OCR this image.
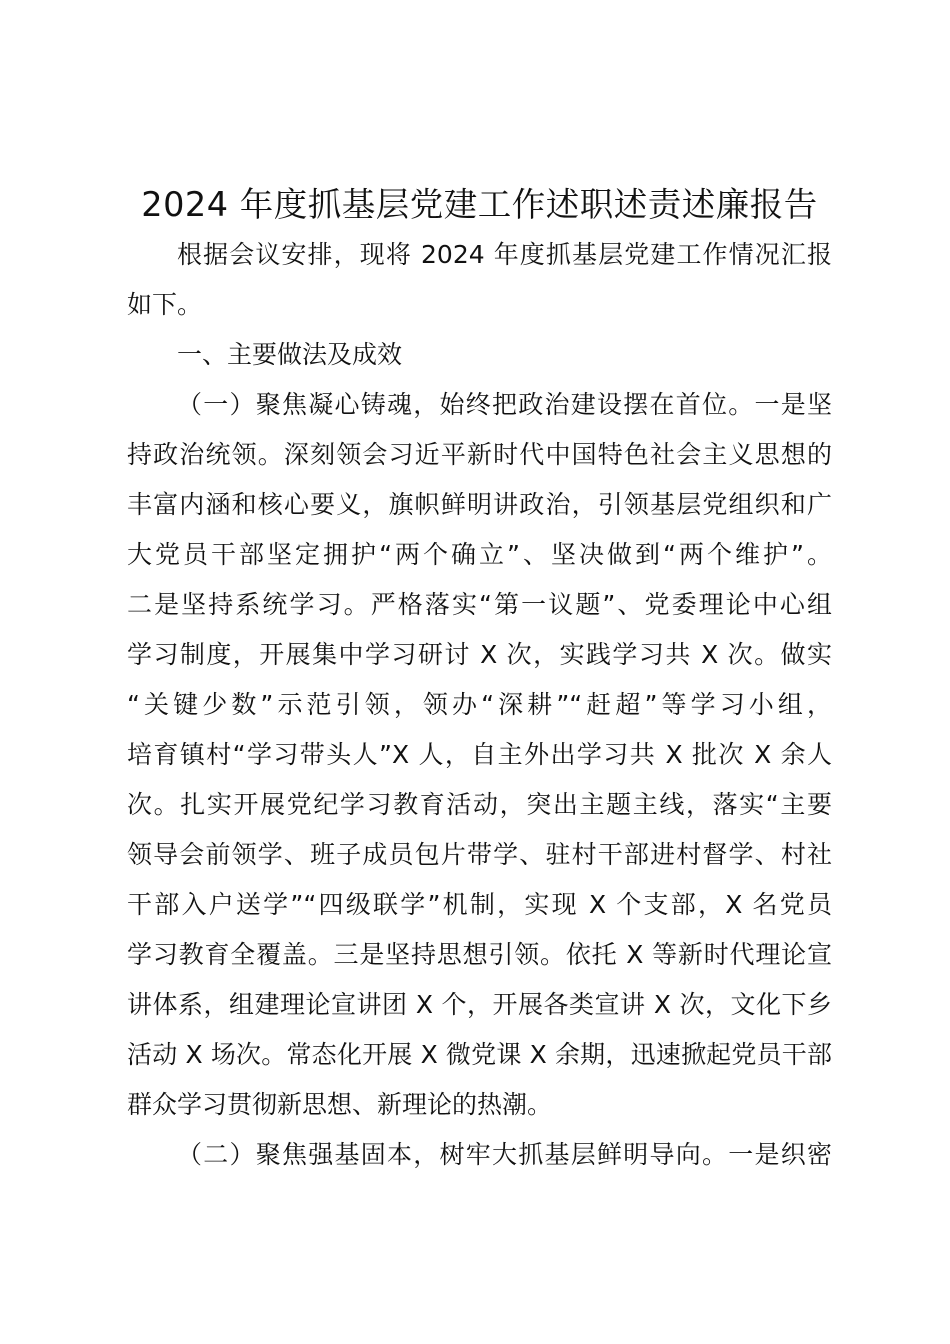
2024 年度抓基层党建工作述职述责述廉报告

根据会议安排，现将 2024 年度抓基层党建工作情况汇报
如下。

一、主要做法及成效

（一）聚焦凝心铸魂，始终把政治建设摆在首位。一是坚
持政治统领。深刻领会习近平新时代中国特色社会主义思想的
丰富内涵和核心要义，旗帜鲜明讲政治，引领基层党组织和广
大党员干部坚定拥护“两个确立”、坚决做到“两个维护”。
二是坚持系统学习。严格落实“第一议题”、党委理论中心组
学习制度，开展集中学习研讨 X 次，实践学习共 X 次。做实
“关键少数”示范引领，领办“深耕”“赶超”等学习小组，
培育镇村“学习带头人”X 人，自主外出学习共 X 批次 X 余人
次。扎实开展党纪学习教育活动，突出主题主线，落实“主要
领导会前领学、班子成员包片带学、驻村干部进村督学、村社
干部入户送学”“四级联学”机制，实现 X 个支部，X 名党员
学习教育全覆盖。三是坚持思想引领。依托 X 等新时代理论宣
讲体系，组建理论宣讲团 X 个，开展各类宣讲 X 次，文化下乡
活动 X 场次。常态化开展 X 微党课 X 余期，迅速掀起党员干部
群众学习贯彻新思想、新理论的热潮。

（二）聚焦强基固本，树牢大抓基层鲜明导向。一是织密
